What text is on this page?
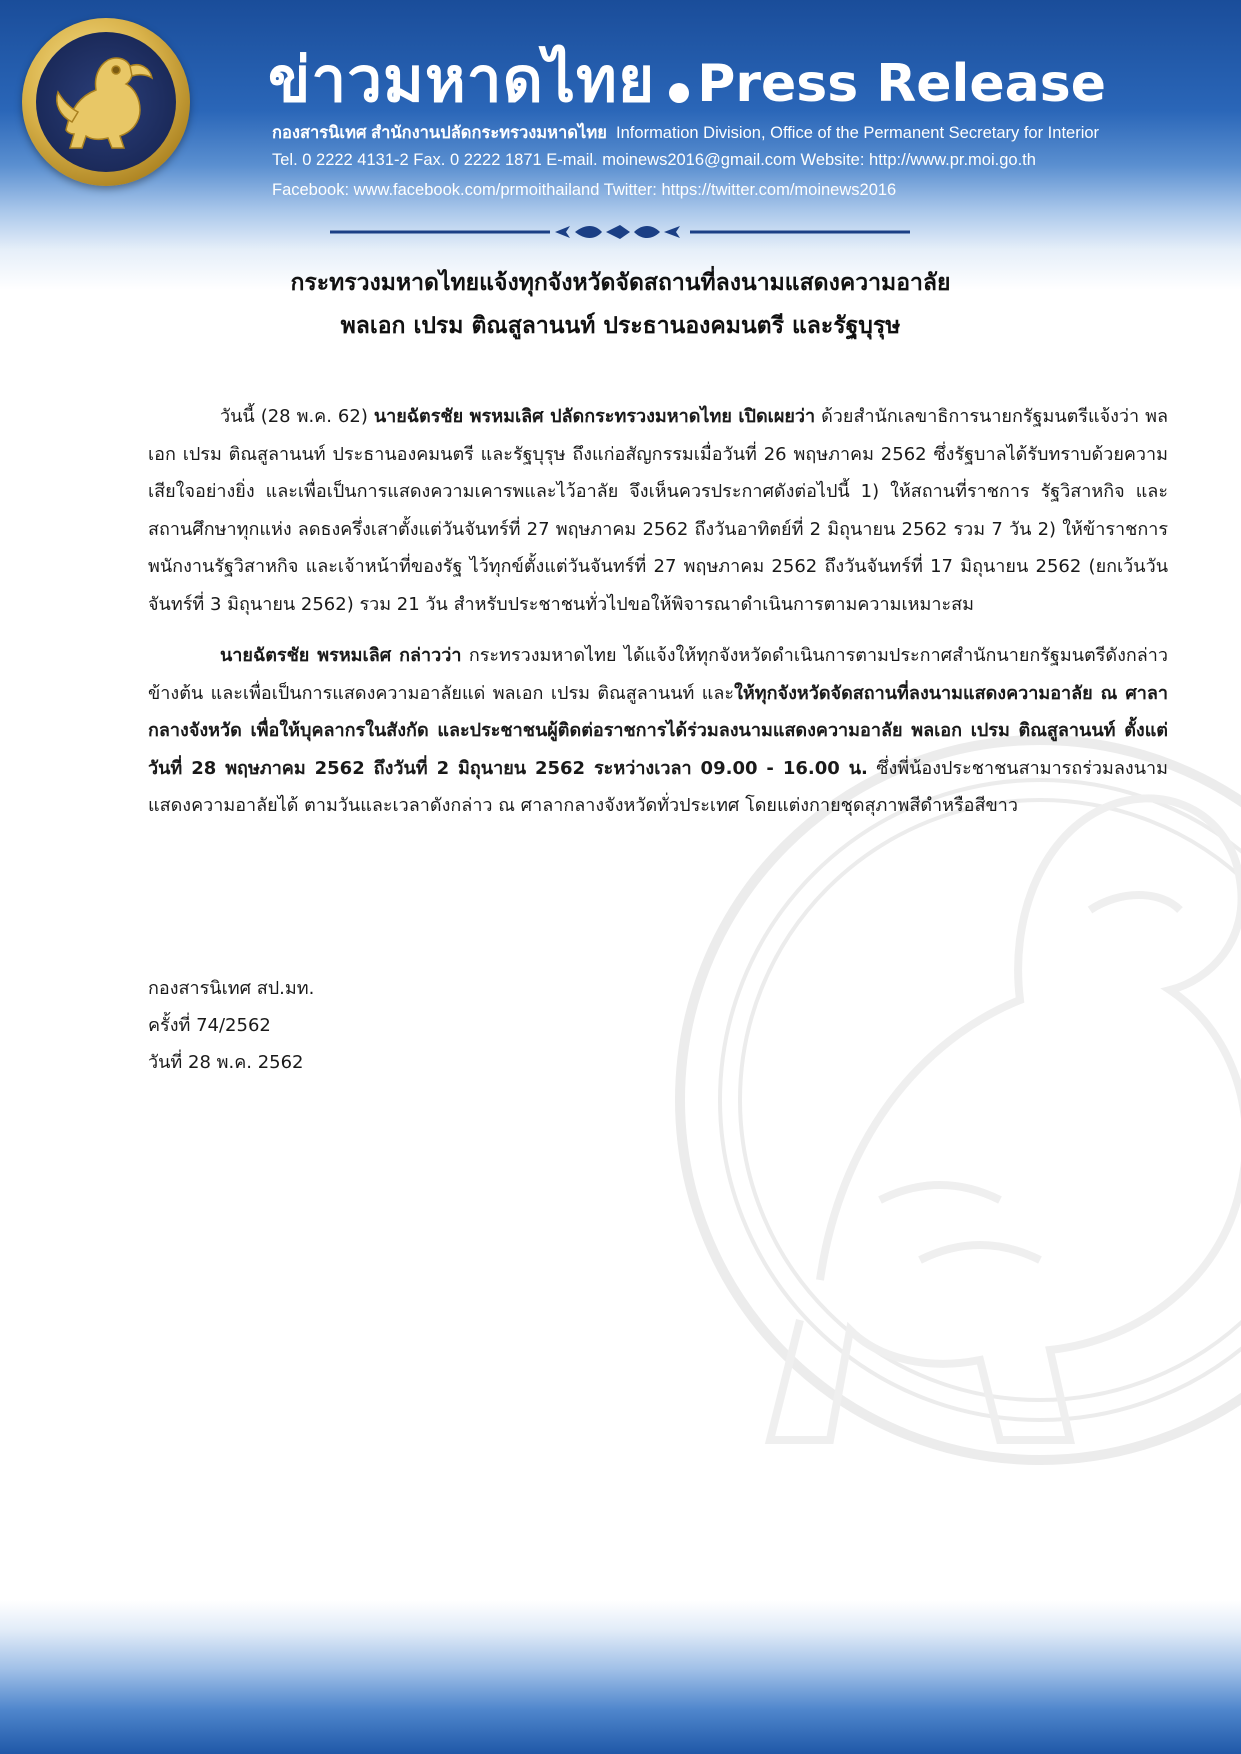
ข่าวมหาดไทย Press Release
กองสารนิเทศ สำนักงานปลัดกระทรวงมหาดไทย Information Division, Office of the Permanent Secretary for Interior
Tel. 0 2222 4131-2 Fax. 0 2222 1871 E-mail. moinews2016@gmail.com Website: http://www.pr.moi.go.th
Facebook: www.facebook.com/prmoithailand Twitter: https://twitter.com/moinews2016
กระทรวงมหาดไทยแจ้งทุกจังหวัดจัดสถานที่ลงนามแสดงความอาลัย
พลเอก เปรม ติณสูลานนท์ ประธานองคมนตรี และรัฐบุรุษ

วันนี้ (28 พ.ค. 62) นายฉัตรชัย พรหมเลิศ ปลัดกระทรวงมหาดไทย เปิดเผยว่า ด้วยสำนักเลขาธิการนายกรัฐมนตรีแจ้งว่า พลเอก เปรม ติณสูลานนท์ ประธานองคมนตรี และรัฐบุรุษ ถึงแก่อสัญกรรมเมื่อวันที่ 26 พฤษภาคม 2562 ซึ่งรัฐบาลได้รับทราบด้วยความเสียใจอย่างยิ่ง และเพื่อเป็นการแสดงความเคารพและไว้อาลัย จึงเห็นควรประกาศดังต่อไปนี้ 1) ให้สถานที่ราชการ รัฐวิสาหกิจ และสถานศึกษาทุกแห่ง ลดธงครึ่งเสาตั้งแต่วันจันทร์ที่ 27 พฤษภาคม 2562 ถึงวันอาทิตย์ที่ 2 มิถุนายน 2562 รวม 7 วัน 2) ให้ข้าราชการ พนักงานรัฐวิสาหกิจ และเจ้าหน้าที่ของรัฐ ไว้ทุกข์ตั้งแต่วันจันทร์ที่ 27 พฤษภาคม 2562 ถึงวันจันทร์ที่ 17 มิถุนายน 2562 (ยกเว้นวันจันทร์ที่ 3 มิถุนายน 2562) รวม 21 วัน สำหรับประชาชนทั่วไปขอให้พิจารณาดำเนินการตามความเหมาะสม

นายฉัตรชัย พรหมเลิศ กล่าวว่า กระทรวงมหาดไทย ได้แจ้งให้ทุกจังหวัดดำเนินการตามประกาศสำนักนายกรัฐมนตรีดังกล่าวข้างต้น และเพื่อเป็นการแสดงความอาลัยแด่ พลเอก เปรม ติณสูลานนท์ และให้ทุกจังหวัดจัดสถานที่ลงนามแสดงความอาลัย ณ ศาลากลางจังหวัด เพื่อให้บุคลากรในสังกัด และประชาชนผู้ติดต่อราชการได้ร่วมลงนามแสดงความอาลัย พลเอก เปรม ติณสูลานนท์ ตั้งแต่วันที่ 28 พฤษภาคม 2562 ถึงวันที่ 2 มิถุนายน 2562 ระหว่างเวลา 09.00 - 16.00 น. ซึ่งพี่น้องประชาชนสามารถร่วมลงนามแสดงความอาลัยได้ ตามวันและเวลาดังกล่าว ณ ศาลากลางจังหวัดทั่วประเทศ โดยแต่งกายชุดสุภาพสีดำหรือสีขาว

กองสารนิเทศ สป.มท.
ครั้งที่ 74/2562
วันที่ 28 พ.ค. 2562
